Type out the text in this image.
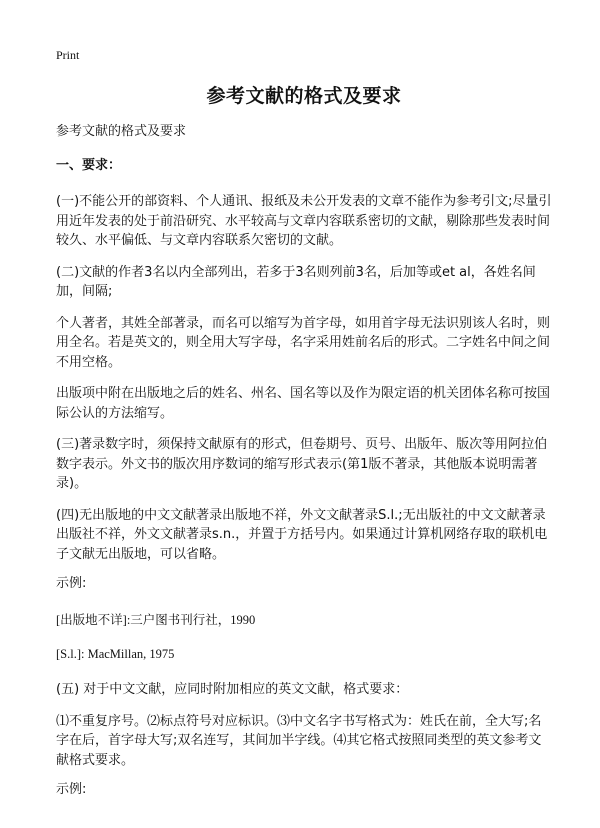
Print
参考文献的格式及要求
参考文献的格式及要求
一、要求：

(一)不能公开的部资料、个人通讯、报纸及未公开发表的文章不能作为参考引文;尽量引用近年发表的处于前沿研究、水平较高与文章内容联系密切的文献，剔除那些发表时间较久、水平偏低、与文章内容联系欠密切的文献。

(二)文献的作者3名以内全部列出，若多于3名则列前3名，后加等或et al，各姓名间加，间隔;

个人著者，其姓全部著录，而名可以缩写为首字母，如用首字母无法识别该人名时，则用全名。若是英文的，则全用大写字母，名字采用姓前名后的形式。二字姓名中间之间不用空格。

出版项中附在出版地之后的姓名、州名、国名等以及作为限定语的机关团体名称可按国际公认的方法缩写。

(三)著录数字时，须保持文献原有的形式，但卷期号、页号、出版年、版次等用阿拉伯数字表示。外文书的版次用序数词的缩写形式表示(第1版不著录，其他版本说明需著录)。

(四)无出版地的中文文献著录出版地不祥，外文文献著录S.l.;无出版社的中文文献著录出版社不祥，外文文献著录s.n.，并置于方括号内。如果通过计算机网络存取的联机电子文献无出版地，可以省略。

示例:
[出版地不详]:三户图书刊行社，1990
[S.l.]: MacMillan, 1975

(五) 对于中文文献，应同时附加相应的英文文献，格式要求：

⑴不重复序号。⑵标点符号对应标识。⑶中文名字书写格式为：姓氏在前，全大写;名字在后，首字母大写;双名连写，其间加半字线。⑷其它格式按照同类型的英文参考文献格式要求。

示例:
